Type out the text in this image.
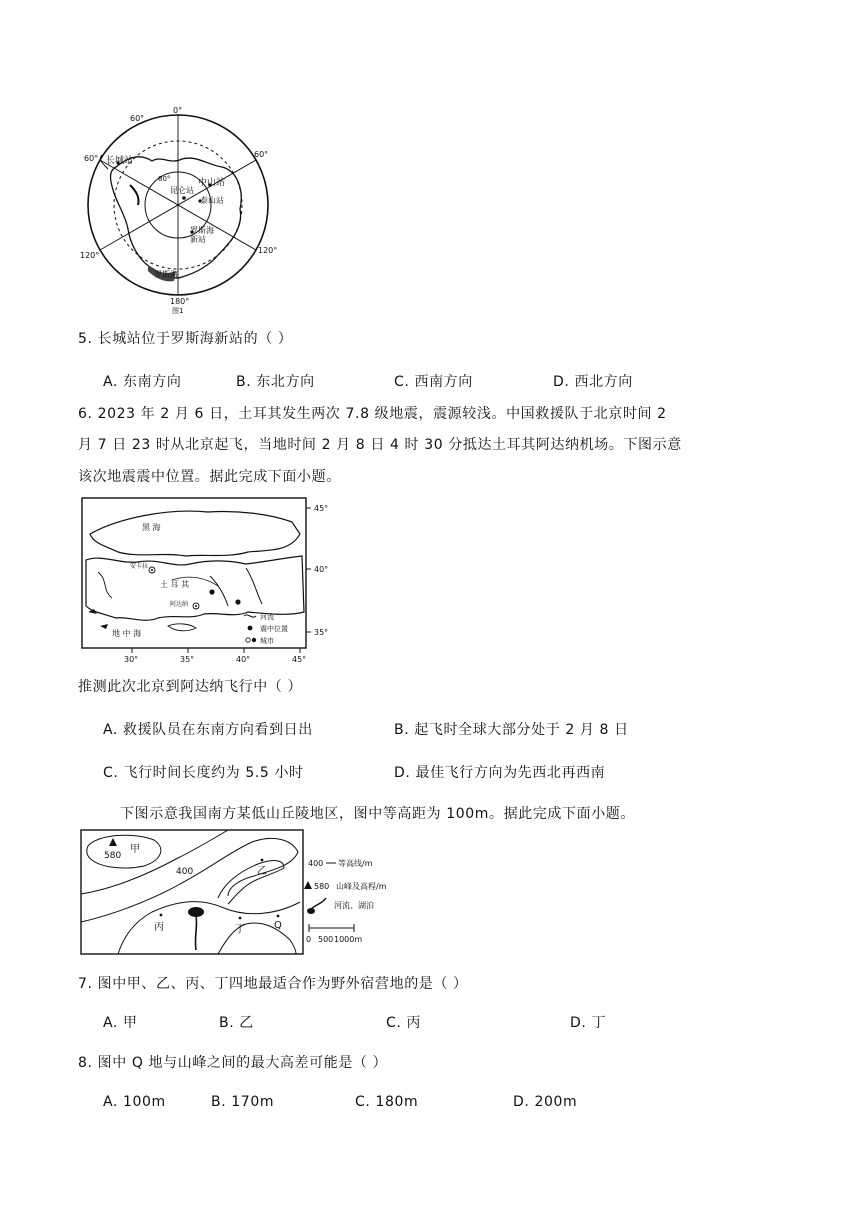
0°
60°
60°	60°
80°
120°
120°
180°
图1
长城站
昆仑站
中山站
泰山站
罗斯海新站
罗斯海
5. 长城站位于罗斯海新站的（ ）
A. 东南方向	B. 东北方向	C. 西南方向	D. 西北方向
6. 2023 年 2 月 6 日，土耳其发生两次 7.8 级地震，震源较浅。中国救援队于北京时间 2
月 7 日 23 时从北京起飞，当地时间 2 月 8 日 4 时 30 分抵达土耳其阿达纳机场。下图示意
该次地震震中位置。据此完成下面小题。
黑 海
土 耳 其
安卡拉
阿达纳
地 中 海
45°
40°
35°
30°	35°	40°	45°
河流
震中位置
城市
推测此次北京到阿达纳飞行中（ ）
A. 救援队员在东南方向看到日出	B. 起飞时全球大部分处于 2 月 8 日
C. 飞行时间长度约为 5.5 小时	D. 最佳飞行方向为先西北再西南
下图示意我国南方某低山丘陵地区，图中等高距为 100m。据此完成下面小题。
580
甲
乙
丙	丁	Q
400
400 等高线/m
580 山峰及高程/m
河流、湖泊
0 500 1000m
7. 图中甲、乙、丙、丁四地最适合作为野外宿营地的是（ ）
A. 甲	B. 乙	C. 丙	D. 丁
8. 图中 Q 地与山峰之间的最大高差可能是（ ）
A. 100m	B. 170m	C. 180m	D. 200m
